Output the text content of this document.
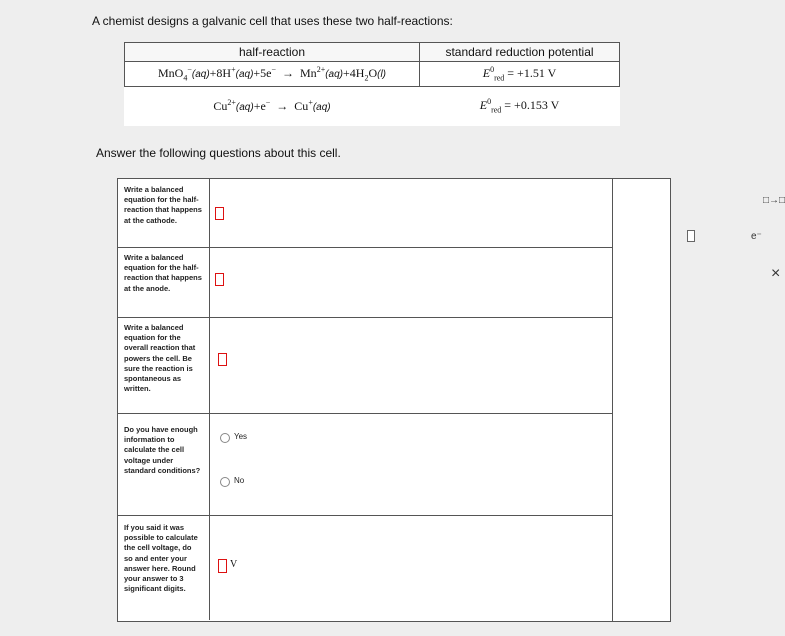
A chemist designs a galvanic cell that uses these two half-reactions:
half-reaction	standard reduction potential
$MnO_4^-(aq)+8H^+(aq)+5e^- \to Mn^{2+}(aq)+4H_2O(l)$	$E^0_{red} = +1.51$ V
$Cu^{2+}(aq)+e^- \to Cu^+(aq)$	$E^0_{red} = +0.153$ V
Answer the following questions about this cell.
Write a balanced equation for the half-reaction that happens at the cathode.
Write a balanced equation for the half-reaction that happens at the anode.
Write a balanced equation for the overall reaction that powers the cell. Be sure the reaction is spontaneous as written.
Do you have enough information to calculate the cell voltage under standard conditions?
Yes
No
If you said it was possible to calculate the cell voltage, do so and enter your answer here. Round your answer to 3 significant digits.
V
□→□
e⁻
×
